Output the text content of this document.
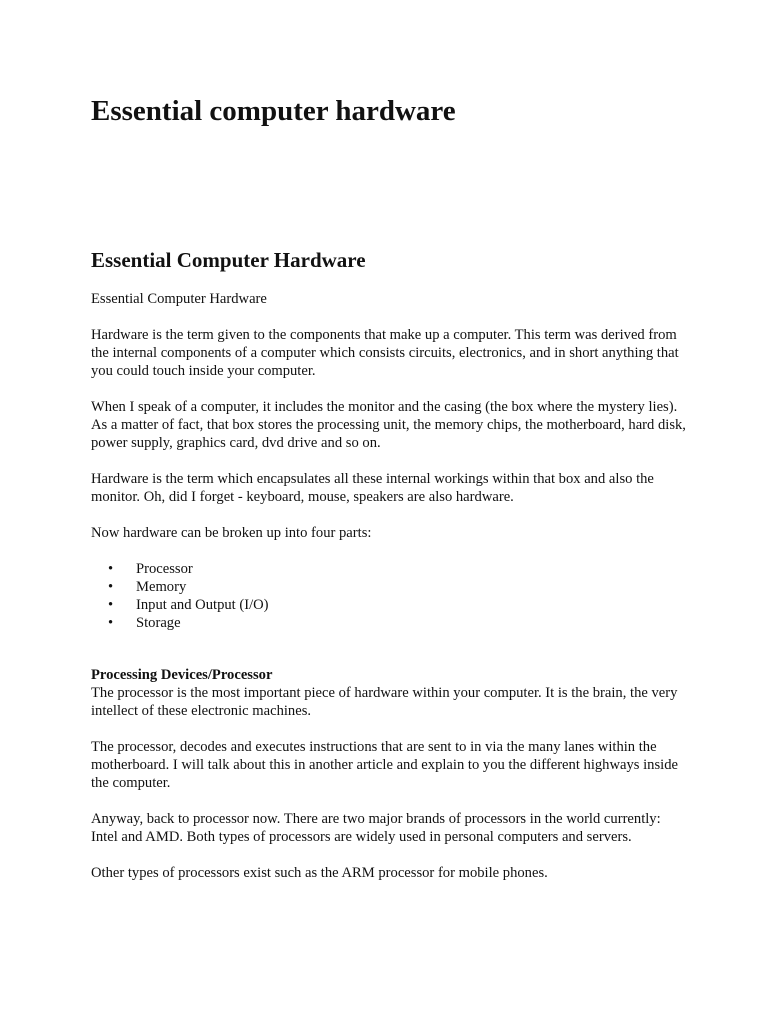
Essential computer hardware
Essential Computer Hardware

Essential Computer Hardware

Hardware is the term given to the components that make up a computer. This term was derived from the internal components of a computer which consists circuits, electronics, and in short anything that you could touch inside your computer.

When I speak of a computer, it includes the monitor and the casing (the box where the mystery lies). As a matter of fact, that box stores the processing unit, the memory chips, the motherboard, hard disk, power supply, graphics card, dvd drive and so on.

Hardware is the term which encapsulates all these internal workings within that box and also the monitor. Oh, did I forget - keyboard, mouse, speakers are also hardware.

Now hardware can be broken up into four parts:

• Processor
• Memory
• Input and Output (I/O)
• Storage

Processing Devices/Processor
The processor is the most important piece of hardware within your computer. It is the brain, the very intellect of these electronic machines.

The processor, decodes and executes instructions that are sent to in via the many lanes within the motherboard. I will talk about this in another article and explain to you the different highways inside the computer.

Anyway, back to processor now. There are two major brands of processors in the world currently: Intel and AMD. Both types of processors are widely used in personal computers and servers.

Other types of processors exist such as the ARM processor for mobile phones.
